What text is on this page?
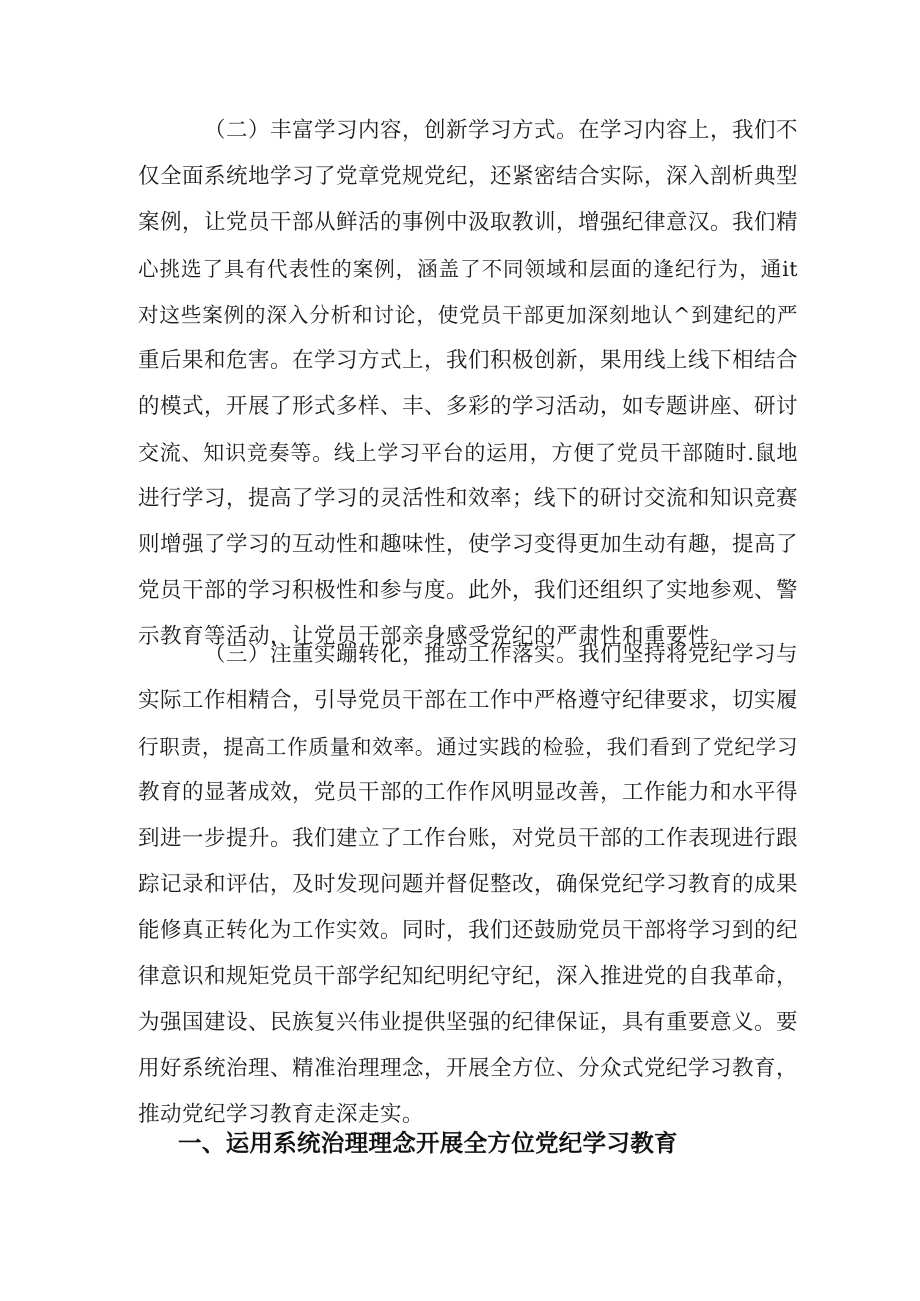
（二）丰富学习内容，创新学习方式。在学习内容上，我们不
仅全面系统地学习了党章党规党纪，还紧密结合实际，深入剖析典型
案例，让党员干部从鲜活的事例中汲取教训，增强纪律意汉。我们精
心挑选了具有代表性的案例，涵盖了不同领域和层面的逢纪行为，通it
对这些案例的深入分析和讨论，使党员干部更加深刻地认^到建纪的严
重后果和危害。在学习方式上，我们积极创新，果用线上线下相结合
的模式，开展了形式多样、丰、多彩的学习活动，如专题讲座、研讨
交流、知识竞奏等。线上学习平台的运用，方便了党员干部随时.鼠地
进行学习，提高了学习的灵活性和效率；线下的研讨交流和知识竞赛
则增强了学习的互动性和趣味性，使学习变得更加生动有趣，提高了
党员干部的学习积极性和参与度。此外，我们还组织了实地参观、警
示教育等活动，让党员干部亲身感受党纪的严肃性和重要性。
（三）注重实蹦转化，推动工作落实。我们坚持将党纪学习与
实际工作相精合，引导党员干部在工作中严格遵守纪律要求，切实履
行职责，提高工作质量和效率。通过实践的检验，我们看到了党纪学习
教育的显著成效，党员干部的工作作风明显改善，工作能力和水平得
到进一步提升。我们建立了工作台账，对党员干部的工作表现进行跟
踪记录和评估，及时发现问题并督促整改，确保党纪学习教育的成果
能修真正转化为工作实效。同时，我们还鼓励党员干部将学习到的纪
律意识和规矩党员干部学纪知纪明纪守纪，深入推进党的自我革命，
为强国建设、民族复兴伟业提供坚强的纪律保证，具有重要意义。要
用好系统治理、精准治理理念，开展全方位、分众式党纪学习教育，
推动党纪学习教育走深走实。
一、运用系统治理理念开展全方位党纪学习教育
